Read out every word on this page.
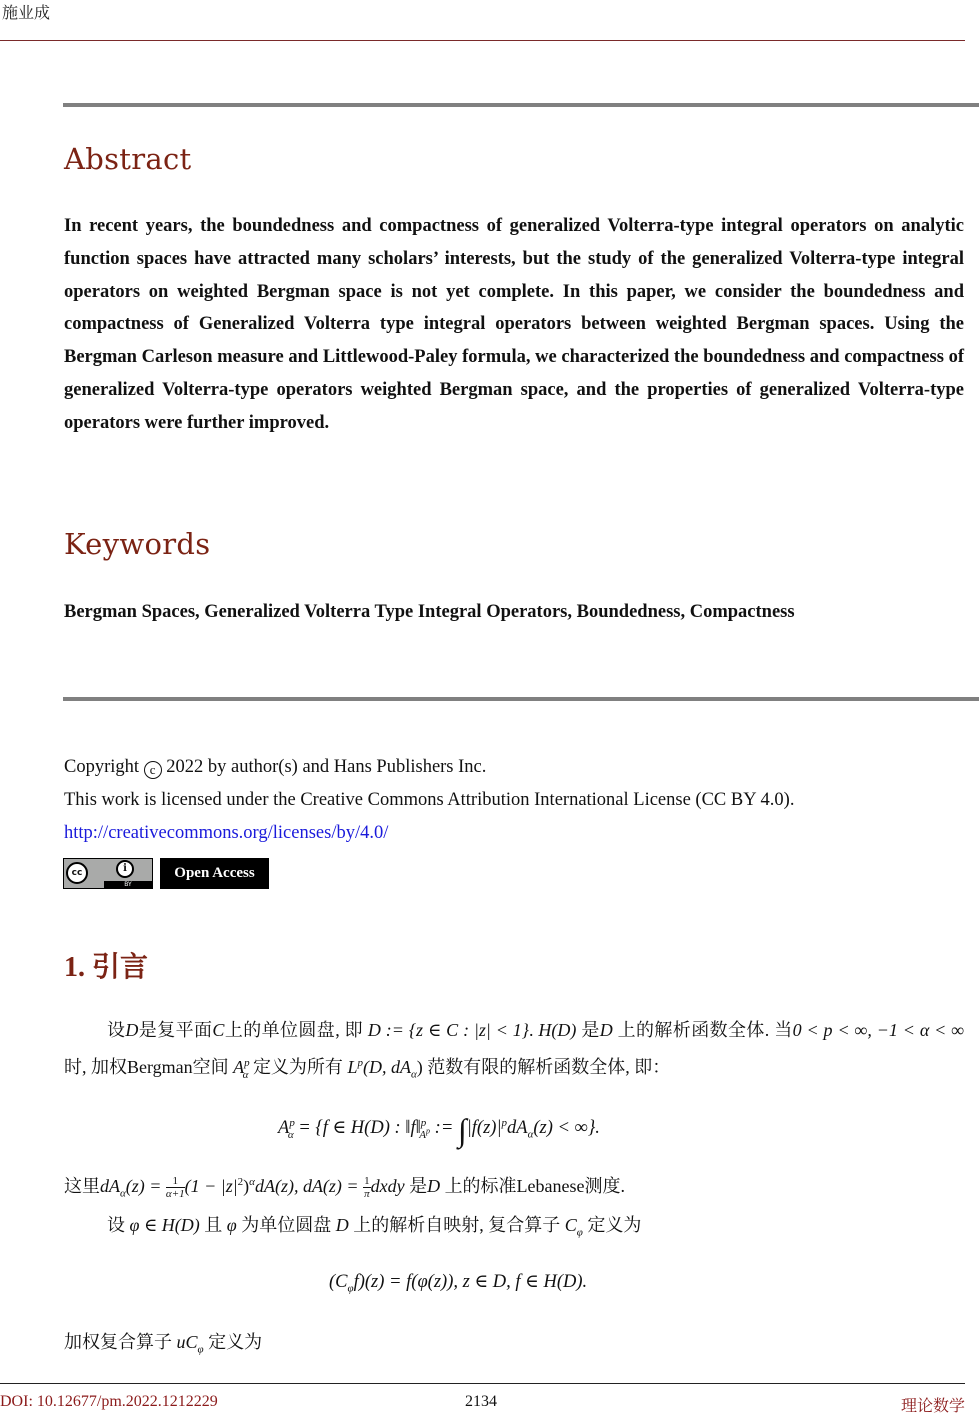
施业成
Abstract
In recent years, the boundedness and compactness of generalized Volterra-type integral operators on analytic function spaces have attracted many scholars’ interests, but the study of the generalized Volterra-type integral operators on weighted Bergman space is not yet complete. In this paper, we consider the boundedness and compactness of Generalized Volterra type integral operators between weighted Bergman spaces. Using the Bergman Carleson measure and Littlewood-Paley formula, we characterized the boundedness and compactness of generalized Volterra-type operators weighted Bergman space, and the properties of generalized Volterra-type operators were further improved.
Keywords
Bergman Spaces, Generalized Volterra Type Integral Operators, Boundedness, Compactness
Copyright c 2022 by author(s) and Hans Publishers Inc.
This work is licensed under the Creative Commons Attribution International License (CC BY 4.0).
http://creativecommons.org/licenses/by/4.0/
cc	i
BY
Open Access
1. 引言
设D是复平面C上的单位圆盘, 即 D := {z ∈ C : |z| < 1}. H(D) 是D 上的解析函数全体. 当0 < p < ∞, −1 < α < ∞ 时, 加权Bergman空间 $A^p_\alpha$ 定义为所有 $L^p(D$, $dA_\alpha$) 范数有限的解析函数全体, 即：
$A^p_\alpha = \{f$ ∈ H(D) : ‖f‖$^p_{A^p}$ := $\int|f(z)|^pdA_\alpha(z)$ < ∞}.
这里$dA_\alpha(z) = \frac{1}{\alpha+1} (1 - |z|^2)^\alpha dA(z)$, $dA(z) = \frac{1}{\pi}$ dxdy 是D 上的标准Lebanese测度.
设 φ ∈ H(D) 且 φ 为单位圆盘 D 上的解析自映射, 复合算子 $C_\varphi$ 定义为
$(C_\varphi f)(z) = f(\varphi(z))$, z ∈ D, f ∈ H(D).
加权复合算子 $uC_\varphi$ 定义为
DOI: 10.12677/pm.2022.1212229	2134	理论数学
